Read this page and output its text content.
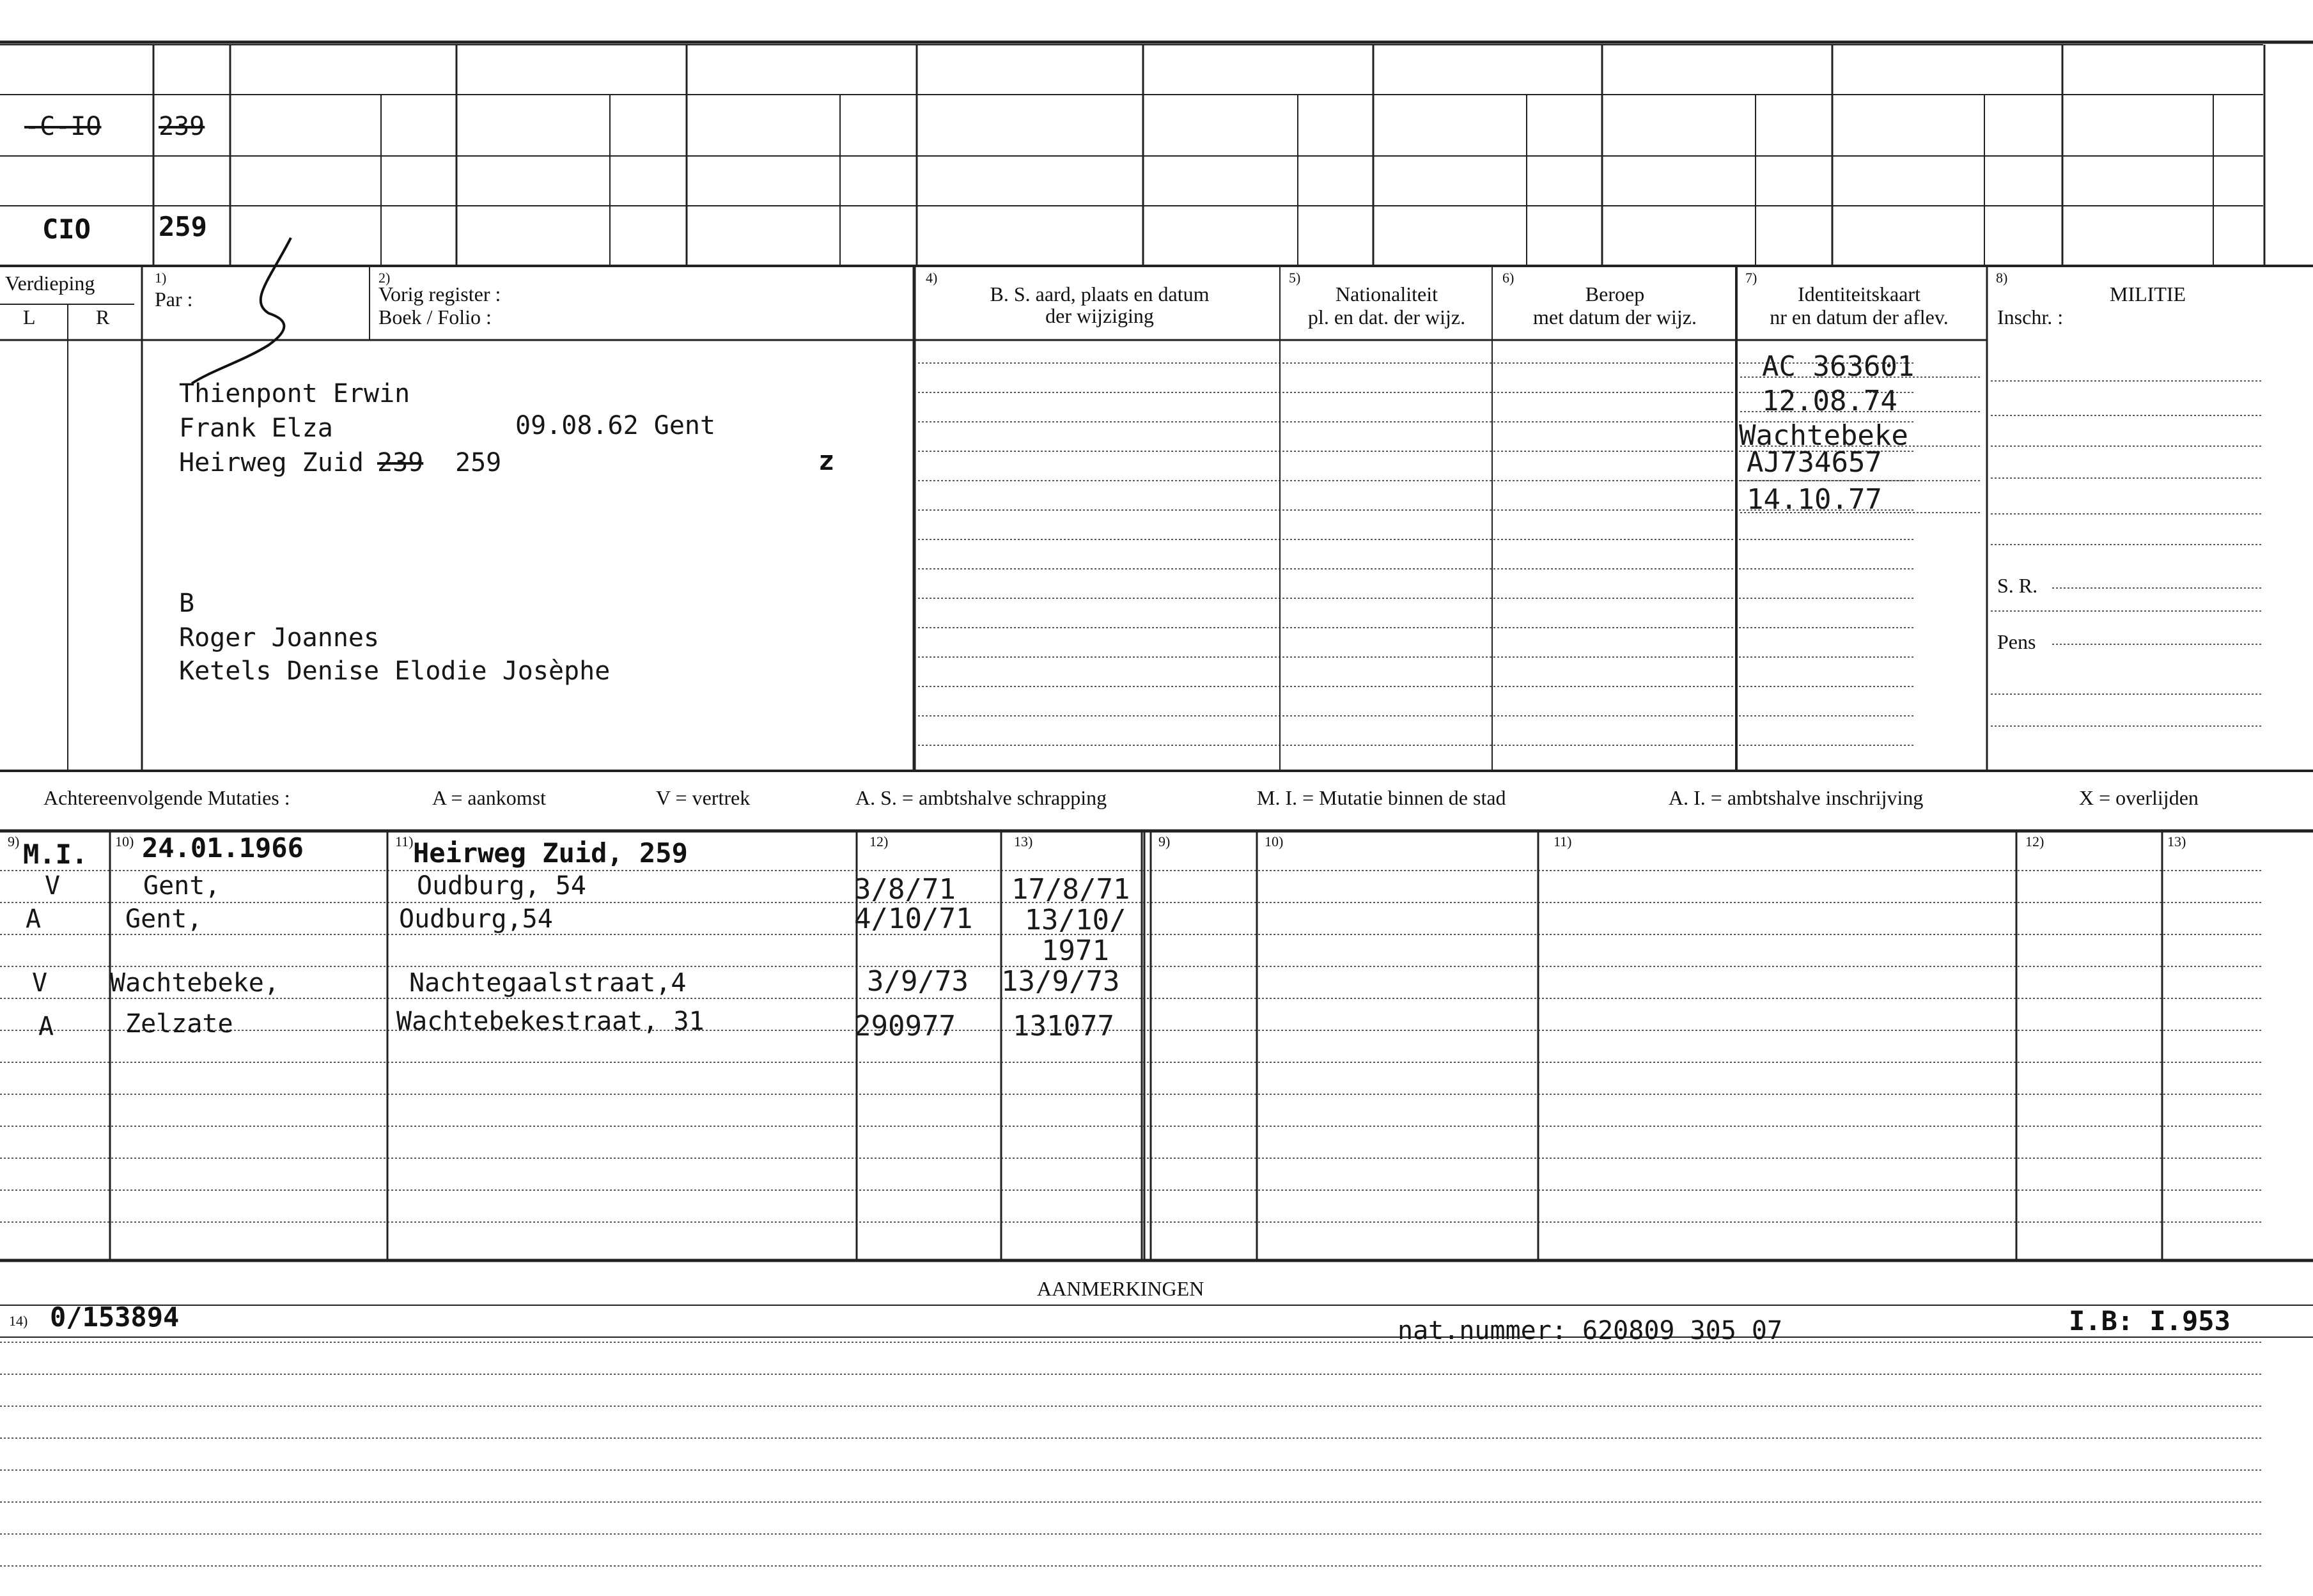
-C-IO 239
CIO	259
Verdieping
L	R
1)
Par :
2)
Vorig register :
Boek / Folio :
4)
B. S. aard, plaats en datum
der wijziging
5)
Nationaliteit
pl. en dat. der wijz.
6)
Beroep
met datum der wijz.
7)
Identiteitskaart
nr en datum der aflev.
8)
MILITIE
Inschr. :
S. R.
Pens
Thienpont Erwin
Frank Elza	09.08.62 Gent
Heirweg Zuid 239 259	z
B
Roger Joannes
Ketels Denise Elodie Josèphe
AC 363601
12.08.74
Wachtebeke
AJ734657
14.10.77
Achtereenvolgende Mutaties :	A = aankomst	V = vertrek	A. S. = ambtshalve schrapping	M. I. = Mutatie binnen de stad	A. I. = ambtshalve inschrijving	X = overlijden
9)	10)	11)	12)	13)	9)	10)	11)	12)	13)
M.I. 24.01.1966	Heirweg Zuid, 259
V	Gent,	Oudburg, 54	3/8/71 17/8/71
A	Gent,	Oudburg,54	4/10/71	13/10/ 1971
V Wachtebeke,	Nachtegaalstraat,4	3/9/73 13/9/73
A	Zelzate	Wachtebekestraat, 31	290977 131077
AANMERKINGEN
14) 0/153894	nat.nummer: 620809 305 07	I.B: I.953
